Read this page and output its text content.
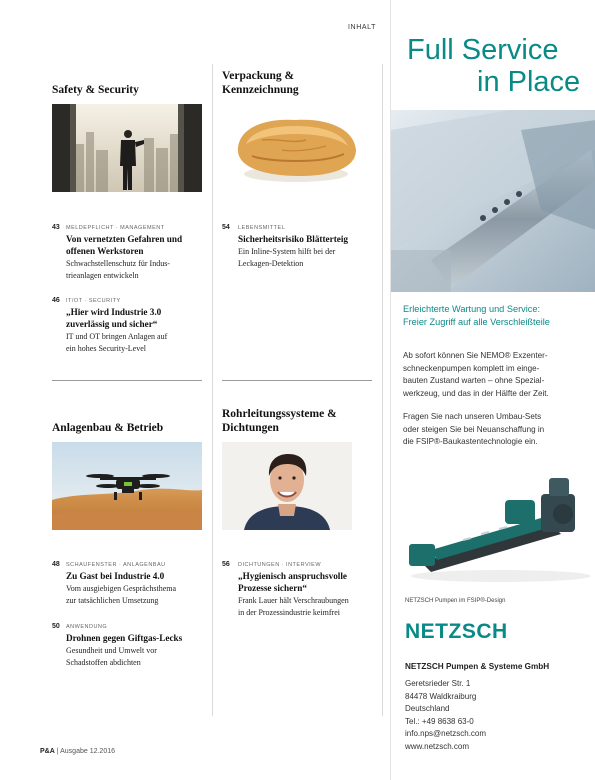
INHALT
Safety & Security
43 MELDEPFLICHT · MANAGEMENT
Von vernetzten Gefahren und
offenen Werkstoren
Schwachstellenschutz für Indus-
trieanlagen entwickeln
46 IT/OT · SECURITY
„Hier wird Industrie 3.0
zuverlässig und sicher“
IT und OT bringen Anlagen auf
ein hohes Security-Level
Verpackung &
Kennzeichnung
54 LEBENSMITTEL
Sicherheitsrisiko Blätterteig
Ein Inline-System hilft bei der
Leckagen-Detektion
Anlagenbau & Betrieb
48 SCHAUFENSTER · ANLAGENBAU
Zu Gast bei Industrie 4.0
Vom ausgiebigen Gesprächsthema
zur tatsächlichen Umsetzung
50 ANWENDUNG
Drohnen gegen Giftgas-Lecks
Gesundheit und Umwelt vor
Schadstoffen abdichten
Rohrleitungssysteme &
Dichtungen
56 DICHTUNGEN · INTERVIEW
„Hygienisch anspruchsvolle
Prozesse sichern“
Frank Lauer hält Verschraubungen
in der Prozessindustrie keimfrei
P&A | Ausgabe 12.2016
Full Service
in Place
Erleichterte Wartung und Service:
Freier Zugriff auf alle Verschleißteile
Ab sofort können Sie NEMO® Exzenter-
schneckenpumpen komplett im einge-
bauten Zustand warten – ohne Spezial-
werkzeug, und das in der Hälfte der Zeit.
Fragen Sie nach unseren Umbau-Sets
oder steigen Sie bei Neuanschaffung in
die FSIP®-Baukastentechnologie ein.
NETZSCH Pumpen im FSIP®-Design
NETZSCH
NETZSCH Pumpen & Systeme GmbH
Geretsrieder Str. 1
84478 Waldkraiburg
Deutschland
Tel.: +49 8638 63-0
info.nps@netzsch.com
www.netzsch.com
